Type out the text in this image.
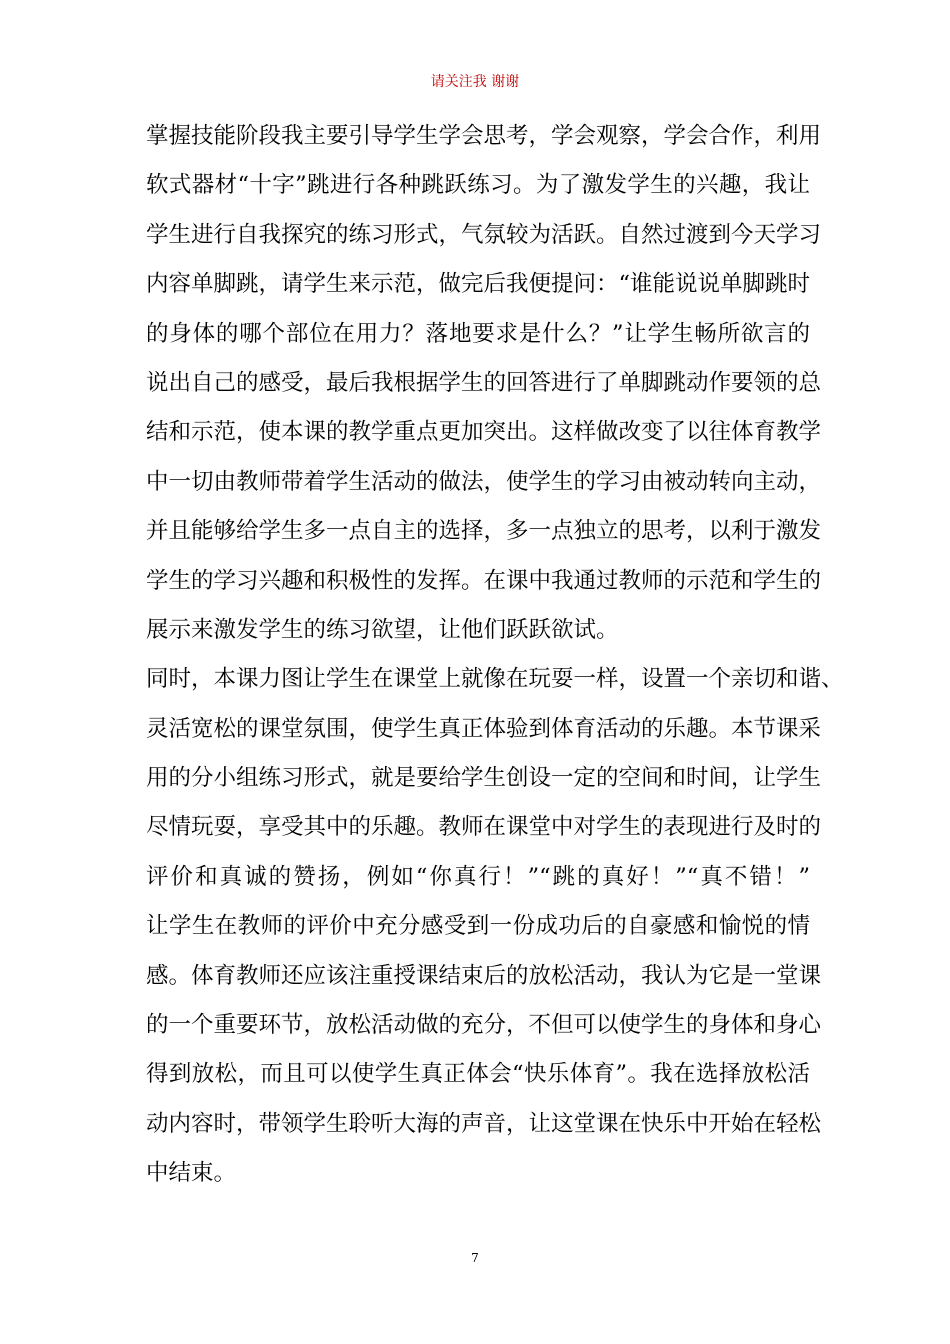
请关注我 谢谢
掌握技能阶段我主要引导学生学会思考，学会观察，学会合作，利用
软式器材“十字”跳进行各种跳跃练习。为了激发学生的兴趣，我让
学生进行自我探究的练习形式，气氛较为活跃。自然过渡到今天学习
内容单脚跳，请学生来示范，做完后我便提问：“谁能说说单脚跳时
的身体的哪个部位在用力？落地要求是什么？”让学生畅所欲言的
说出自己的感受，最后我根据学生的回答进行了单脚跳动作要领的总
结和示范，使本课的教学重点更加突出。这样做改变了以往体育教学
中一切由教师带着学生活动的做法，使学生的学习由被动转向主动，
并且能够给学生多一点自主的选择，多一点独立的思考，以利于激发
学生的学习兴趣和积极性的发挥。在课中我通过教师的示范和学生的
展示来激发学生的练习欲望，让他们跃跃欲试。
同时，本课力图让学生在课堂上就像在玩耍一样，设置一个亲切和谐、
灵活宽松的课堂氛围，使学生真正体验到体育活动的乐趣。本节课采
用的分小组练习形式，就是要给学生创设一定的空间和时间，让学生
尽情玩耍，享受其中的乐趣。教师在课堂中对学生的表现进行及时的
评价和真诚的赞扬，例如“你真行！”“跳的真好！”“真不错！”
让学生在教师的评价中充分感受到一份成功后的自豪感和愉悦的情
感。体育教师还应该注重授课结束后的放松活动，我认为它是一堂课
的一个重要环节，放松活动做的充分，不但可以使学生的身体和身心
得到放松，而且可以使学生真正体会“快乐体育”。我在选择放松活
动内容时，带领学生聆听大海的声音，让这堂课在快乐中开始在轻松
中结束。
7
